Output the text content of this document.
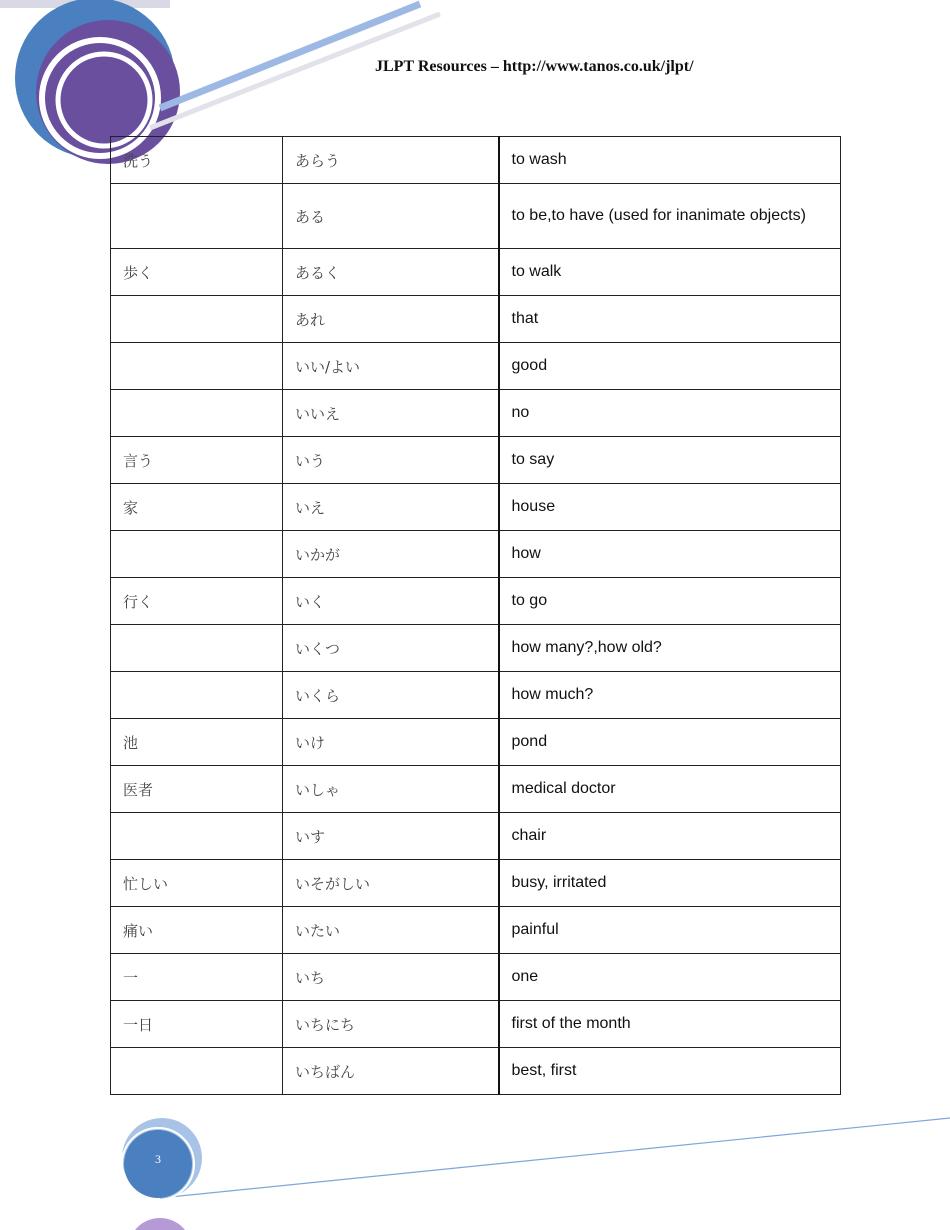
JLPT Resources – http://www.tanos.co.uk/jlpt/
洗う	あらう	to wash
	ある	to be,to have (used for inanimate objects)
歩く	あるく	to walk
	あれ	that
	いい/よい	good
	いいえ	no
言う	いう	to say
家	いえ	house
	いかが	how
行く	いく	to go
	いくつ	how many?,how old?
	いくら	how much?
池	いけ	pond
医者	いしゃ	medical doctor
	いす	chair
忙しい	いそがしい	busy, irritated
痛い	いたい	painful
一	いち	one
一日	いちにち	first of the month
	いちばん	best, first
3
